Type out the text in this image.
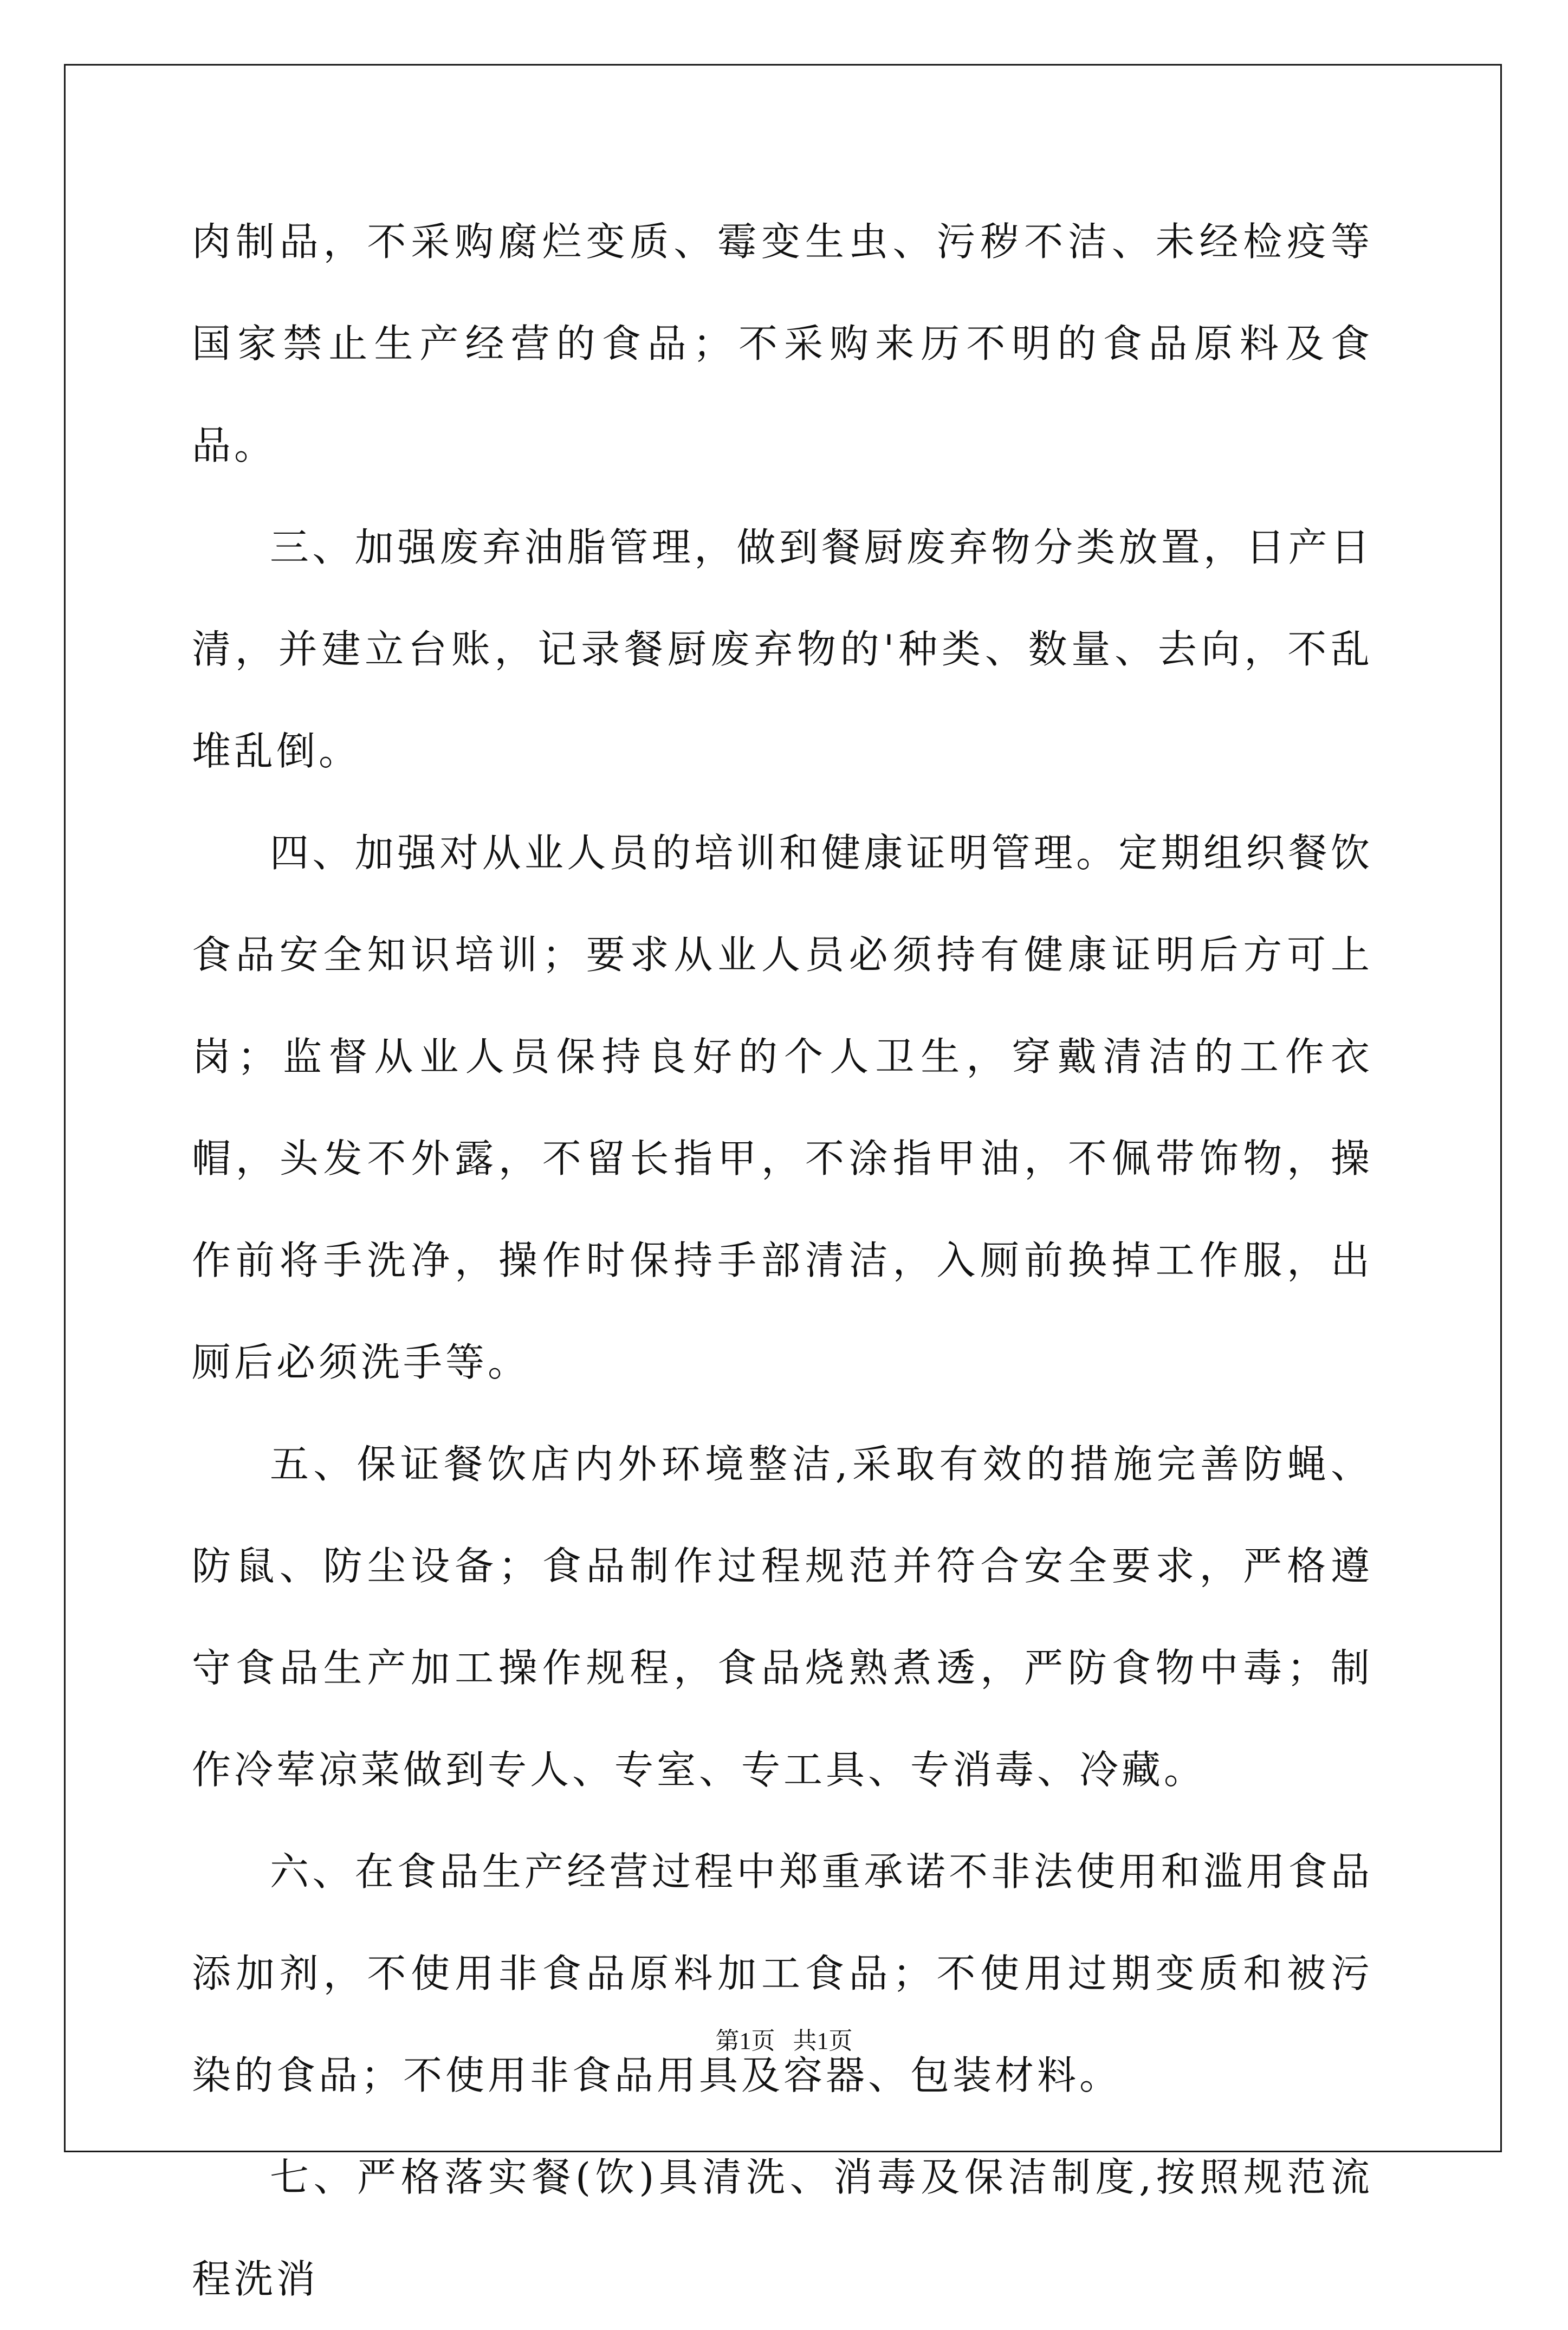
肉制品，不采购腐烂变质、霉变生虫、污秽不洁、未经检疫等国家禁止生产经营的食品；不采购来历不明的食品原料及食品。

三、加强废弃油脂管理，做到餐厨废弃物分类放置，日产日清，并建立台账，记录餐厨废弃物的'种类、数量、去向，不乱堆乱倒。

四、加强对从业人员的培训和健康证明管理。定期组织餐饮食品安全知识培训；要求从业人员必须持有健康证明后方可上岗；监督从业人员保持良好的个人卫生，穿戴清洁的工作衣帽，头发不外露，不留长指甲，不涂指甲油，不佩带饰物，操作前将手洗净，操作时保持手部清洁，入厕前换掉工作服，出厕后必须洗手等。

五、保证餐饮店内外环境整洁,采取有效的措施完善防蝇、防鼠、防尘设备；食品制作过程规范并符合安全要求，严格遵守食品生产加工操作规程，食品烧熟煮透，严防食物中毒；制作冷荤凉菜做到专人、专室、专工具、专消毒、冷藏。

六、在食品生产经营过程中郑重承诺不非法使用和滥用食品添加剂，不使用非食品原料加工食品；不使用过期变质和被污染的食品；不使用非食品用具及容器、包装材料。

七、严格落实餐(饮)具清洗、消毒及保洁制度,按照规范流程洗消

第1页   共1页
